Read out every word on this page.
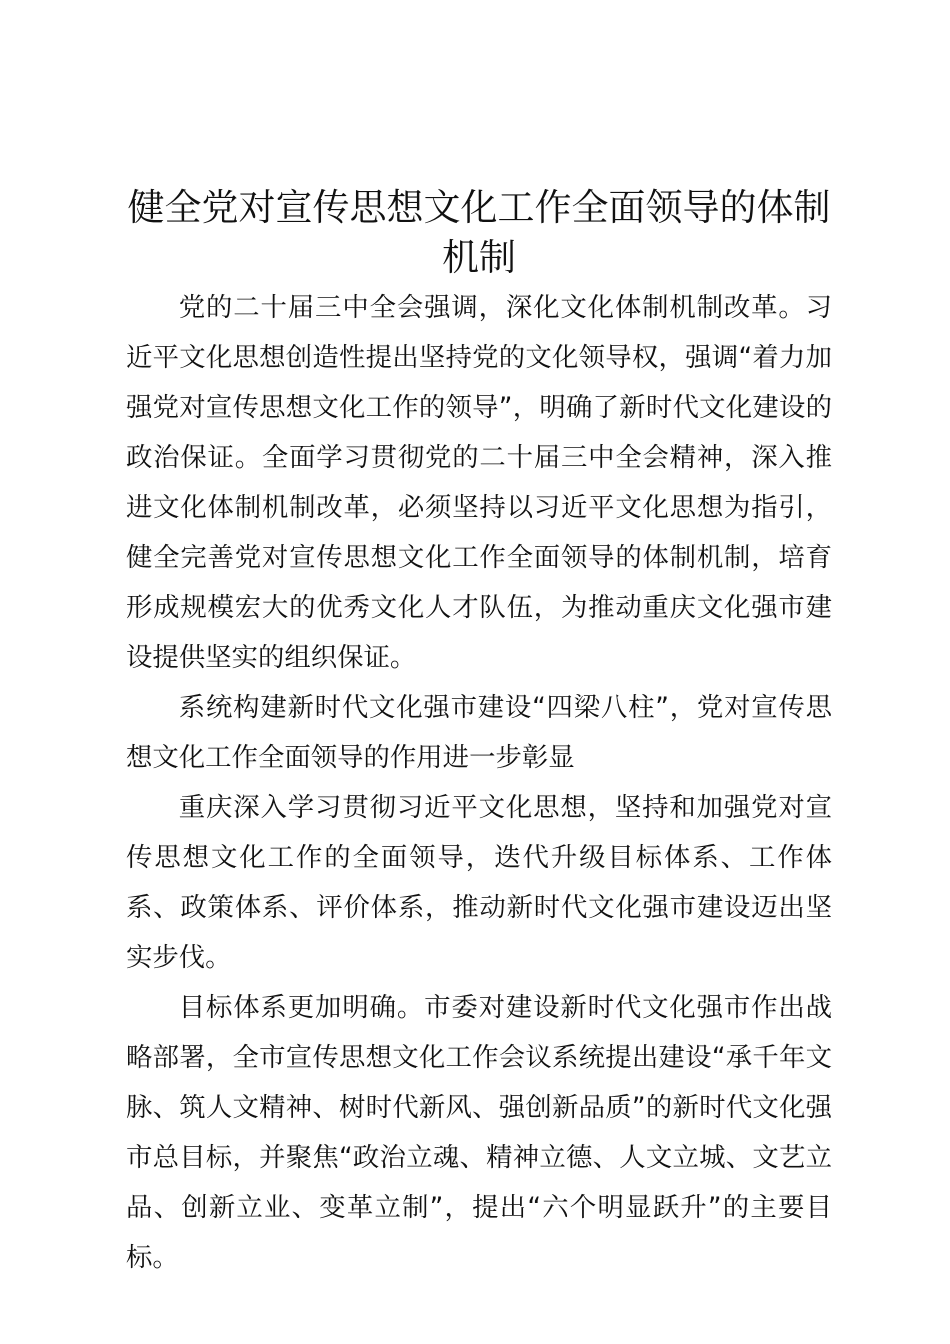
健全党对宣传思想文化工作全面领导的体制机制

党的二十届三中全会强调，深化文化体制机制改革。习近平文化思想创造性提出坚持党的文化领导权，强调“着力加强党对宣传思想文化工作的领导”，明确了新时代文化建设的政治保证。全面学习贯彻党的二十届三中全会精神，深入推进文化体制机制改革，必须坚持以习近平文化思想为指引，健全完善党对宣传思想文化工作全面领导的体制机制，培育形成规模宏大的优秀文化人才队伍，为推动重庆文化强市建设提供坚实的组织保证。

系统构建新时代文化强市建设“四梁八柱”，党对宣传思想文化工作全面领导的作用进一步彰显

重庆深入学习贯彻习近平文化思想，坚持和加强党对宣传思想文化工作的全面领导，迭代升级目标体系、工作体系、政策体系、评价体系，推动新时代文化强市建设迈出坚实步伐。

目标体系更加明确。市委对建设新时代文化强市作出战略部署，全市宣传思想文化工作会议系统提出建设“承千年文脉、筑人文精神、树时代新风、强创新品质”的新时代文化强市总目标，并聚焦“政治立魂、精神立德、人文立城、文艺立品、创新立业、变革立制”，提出“六个明显跃升”的主要目标。
